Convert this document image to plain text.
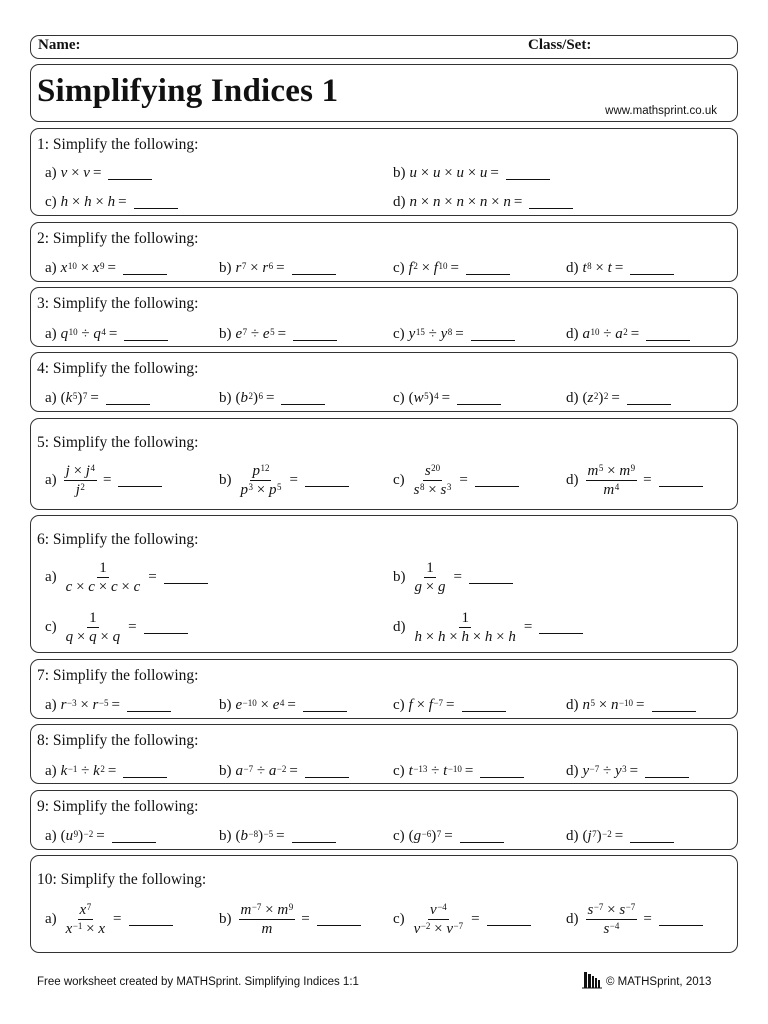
Name:	Class/Set:
Simplifying Indices 1
www.mathsprint.co.uk
1: Simplify the following:
a) v × v =	b) u × u × u × u =
c) h × h × h =	d) n × n × n × n × n =
2: Simplify the following:
a) $x^{10} \times x^9$ =	b) $r^7 \times r^6$ =	c) $f^2 \times f^{10}$ =	d) $t^8 \times t$ =
3: Simplify the following:
a) $q^{10} \div q^4$ =	b) $e^7 \div e^5$ =	c) $y^{15} \div y^8$ =	d) $a^{10} \div a^2$ =
4: Simplify the following:
a) ( $k^5$ )$^7$ =	b) ( $b^2$ )$^6$ =	c) ( $w^5$ )$^4$ =	d) ( $z^2$ )$^2$ =
5: Simplify the following:
$a) \frac{j \times j^4}{j^2}$ =	$b) \frac{p^{12}}{p^3 \times p^5}$ =	$c) \frac{s^{20}}{s^8 \times s^3}$ =	$d) \frac{m^5 \times m^9}{m^4}$ =
6: Simplify the following:
$a) \frac{1}{c \times c \times c \times c}$ =	$b) \frac{1}{g \times g}$ =
$c) \frac{1}{q \times q \times q}$ =	$d) \frac{1}{h \times h \times h \times h \times h}$ =
7: Simplify the following:
a) $r^{-3} \times r^{-5}$ =	b) $e^{-10} \times e^4$ =	c) $f \times f^{-7}$ =	d) $n^5 \times n^{-10}$ =
8: Simplify the following:
a) $k^{-1} \div k^2$ =	b) $a^{-7} \div a^{-2}$ =	c) $t^{-13} \div t^{-10}$ =	d) $y^{-7} \div y^3$ =
9: Simplify the following:
a) ( $u^9$ )$^{-2}$ =	b) ( $b^{-8}$ )$^{-5}$ =	c) ( $g^{-6}$ )$^7$ =	d) ( $j^7$ )$^{-2}$ =
10: Simplify the following:
$a) \frac{x^7}{x^{-1} \times x}$ =	$b) \frac{m^{-7} \times m^9}{m}$ =	$c) \frac{v^{-4}}{v^{-2} \times v^{-7}}$ =	$d) \frac{s^{-7} \times s^{-7}}{s^{-4}}$ =
Free worksheet created by MATHSprint. Simplifying Indices 1:1	© MATHSprint, 2013
